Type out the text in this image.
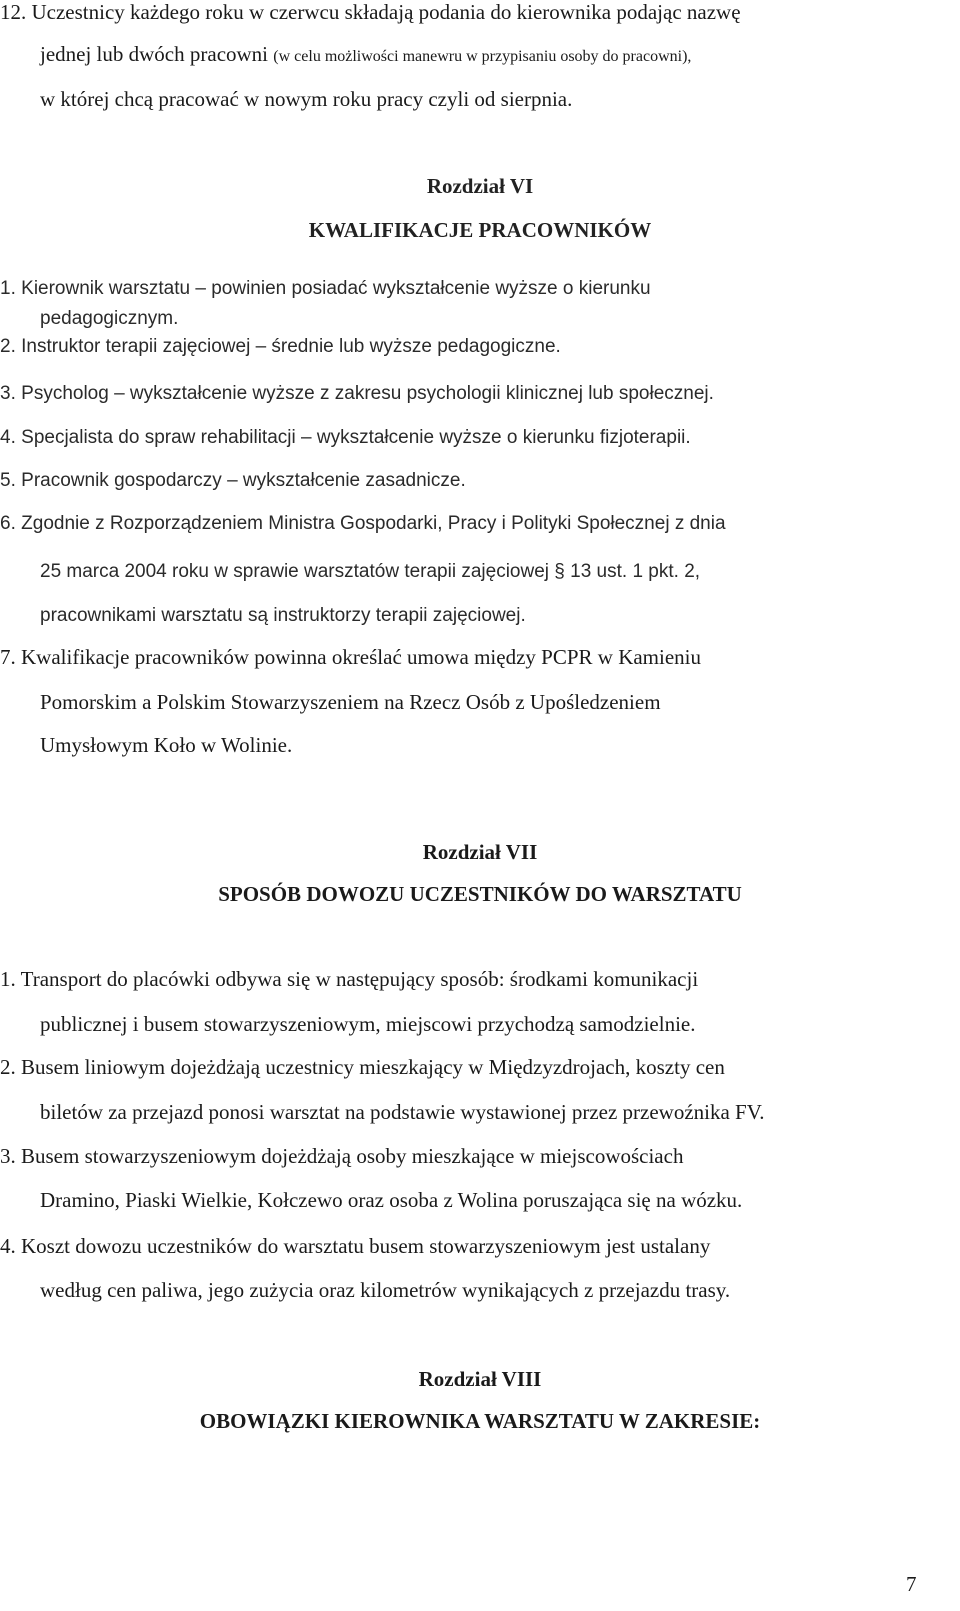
12. Uczestnicy każdego roku w czerwcu składają podania do kierownika podając nazwę
jednej lub dwóch pracowni (w celu możliwości manewru w przypisaniu osoby do pracowni),
w której chcą pracować w nowym roku pracy czyli od sierpnia.
Rozdział VI
KWALIFIKACJE PRACOWNIKÓW
1. Kierownik warsztatu – powinien posiadać wykształcenie wyższe o kierunku
pedagogicznym.
2. Instruktor terapii zajęciowej – średnie lub wyższe pedagogiczne.
3. Psycholog – wykształcenie wyższe z zakresu psychologii klinicznej lub społecznej.
4. Specjalista do spraw rehabilitacji – wykształcenie wyższe o kierunku fizjoterapii.
5. Pracownik gospodarczy – wykształcenie zasadnicze.
6. Zgodnie z Rozporządzeniem Ministra Gospodarki, Pracy i Polityki Społecznej z dnia
25 marca 2004 roku w sprawie warsztatów terapii zajęciowej § 13 ust. 1 pkt. 2,
pracownikami warsztatu są instruktorzy terapii zajęciowej.
7. Kwalifikacje pracowników powinna określać umowa między PCPR w Kamieniu
Pomorskim a Polskim Stowarzyszeniem na Rzecz Osób z Upośledzeniem
Umysłowym Koło w Wolinie.
Rozdział VII
SPOSÓB DOWOZU UCZESTNIKÓW DO WARSZTATU
1. Transport do placówki odbywa się w następujący sposób: środkami komunikacji
publicznej i busem stowarzyszeniowym, miejscowi przychodzą samodzielnie.
2. Busem liniowym dojeżdżają uczestnicy mieszkający w Międzyzdrojach, koszty cen
biletów za przejazd ponosi warsztat na podstawie wystawionej przez przewoźnika FV.
3. Busem stowarzyszeniowym dojeżdżają osoby mieszkające w miejscowościach
Dramino, Piaski Wielkie, Kołczewo oraz osoba z Wolina poruszająca się na wózku.
4. Koszt dowozu uczestników do warsztatu busem stowarzyszeniowym jest ustalany
według cen paliwa, jego zużycia oraz kilometrów wynikających z przejazdu trasy.
Rozdział VIII
OBOWIĄZKI KIEROWNIKA WARSZTATU W ZAKRESIE:
7
